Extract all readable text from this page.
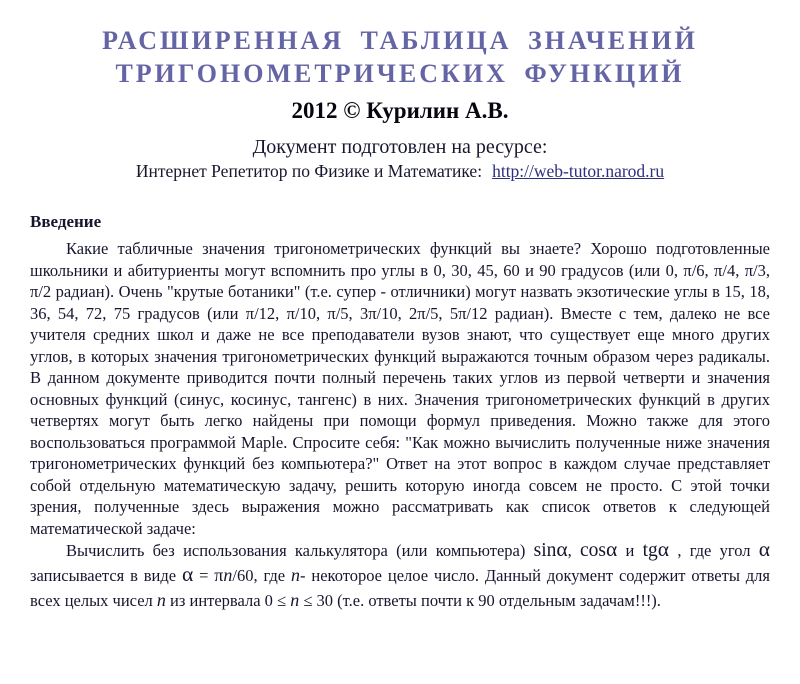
РАСШИРЕННАЯ ТАБЛИЦА ЗНАЧЕНИЙ
ТРИГОНОМЕТРИЧЕСКИХ ФУНКЦИЙ
2012 © Курилин А.В.
Документ подготовлен на ресурсе:
Интернет Репетитор по Физике и Математике: http://web-tutor.narod.ru
Введение

Какие табличные значения тригонометрических функций вы знаете? Хорошо подготовленные школьники и абитуриенты могут вспомнить про углы в 0, 30, 45, 60 и 90 градусов (или 0, π/6, π/4, π/3, π/2 радиан). Очень "крутые ботаники" (т.е. супер - отличники) могут назвать экзотические углы в 15, 18, 36, 54, 72, 75 градусов (или π/12, π/10, π/5, 3π/10, 2π/5, 5π/12 радиан). Вместе с тем, далеко не все учителя средних школ и даже не все преподаватели вузов знают, что существует еще много других углов, в которых значения тригонометрических функций выражаются точным образом через радикалы. В данном документе приводится почти полный перечень таких углов из первой четверти и значения основных функций (синус, косинус, тангенс) в них. Значения тригонометрических функций в других четвертях могут быть легко найдены при помощи формул приведения. Можно также для этого воспользоваться программой Maple. Спросите себя: "Как можно вычислить полученные ниже значения тригонометрических функций без компьютера?" Ответ на этот вопрос в каждом случае представляет собой отдельную математическую задачу, решить которую иногда совсем не просто. С этой точки зрения, полученные здесь выражения можно рассматривать как список ответов к следующей математической задаче:

Вычислить без использования калькулятора (или компьютера) sinα, cosα и tgα , где угол α записывается в виде α = πn/60, где n- некоторое целое число. Данный документ содержит ответы для всех целых чисел n из интервала 0 ≤ n ≤ 30 (т.е. ответы почти к 90 отдельным задачам!!!).
